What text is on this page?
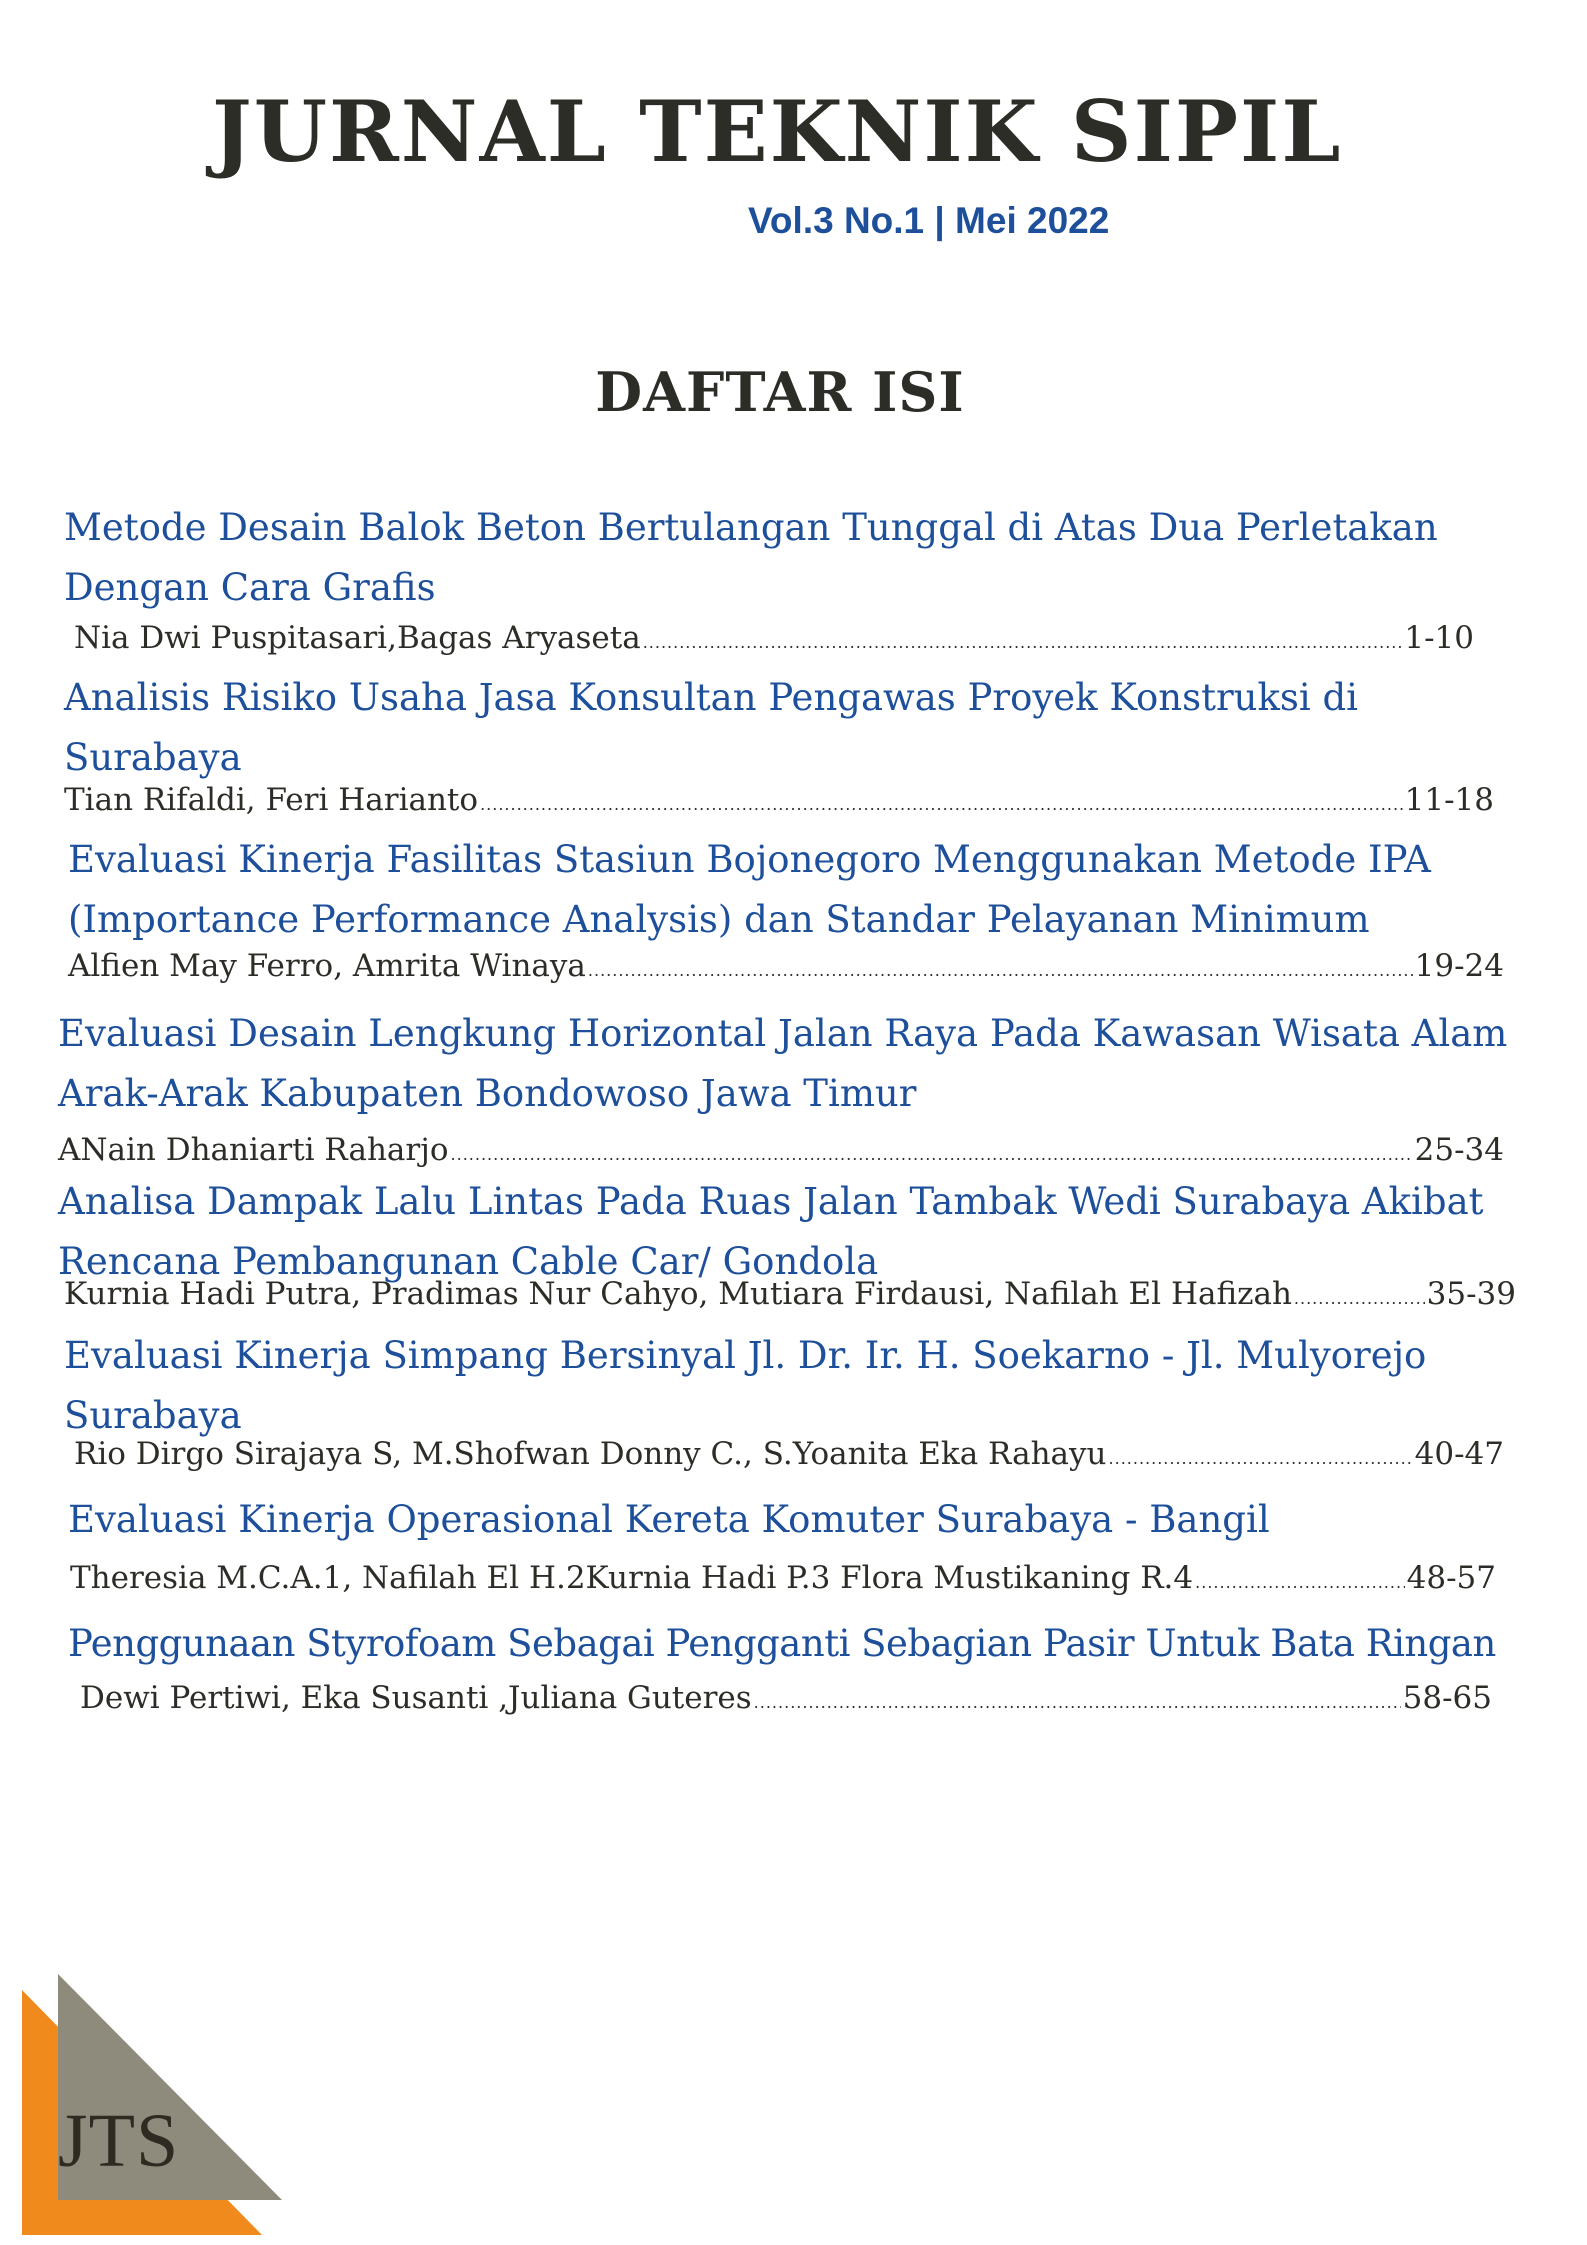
JURNAL TEKNIK SIPIL
Vol.3 No.1 | Mei 2022
DAFTAR ISI

Metode Desain Balok Beton Bertulangan Tunggal di Atas Dua Perletakan Dengan Cara Grafis

Nia Dwi Puspitasari,Bagas Aryaseta .....	1-10

Analisis Risiko Usaha Jasa Konsultan Pengawas Proyek Konstruksi di Surabaya

Tian Rifaldi, Feri Harianto .....	11-18

Evaluasi Kinerja Fasilitas Stasiun Bojonegoro Menggunakan Metode IPA (Importance Performance Analysis) dan Standar Pelayanan Minimum

Alfien May Ferro, Amrita Winaya .....	19-24

Evaluasi Desain Lengkung Horizontal Jalan Raya Pada Kawasan Wisata Alam Arak-Arak Kabupaten Bondowoso Jawa Timur

ANain Dhaniarti Raharjo .....	25-34

Analisa Dampak Lalu Lintas Pada Ruas Jalan Tambak Wedi Surabaya Akibat Rencana Pembangunan Cable Car/ Gondola

Kurnia Hadi Putra, Pradimas Nur Cahyo, Mutiara Firdausi, Nafilah El Hafizah .....	35-39

Evaluasi Kinerja Simpang Bersinyal Jl. Dr. Ir. H. Soekarno - Jl. Mulyorejo Surabaya

Rio Dirgo Sirajaya S, M.Shofwan Donny C., S.Yoanita Eka Rahayu .....	40-47

Evaluasi Kinerja Operasional Kereta Komuter Surabaya - Bangil

Theresia M.C.A.1, Nafilah El H.2Kurnia Hadi P.3 Flora Mustikaning R.4 .....	48-57

Penggunaan Styrofoam Sebagai Pengganti Sebagian Pasir Untuk Bata Ringan

Dewi Pertiwi, Eka Susanti ,Juliana Guteres .....	58-65
JTS
